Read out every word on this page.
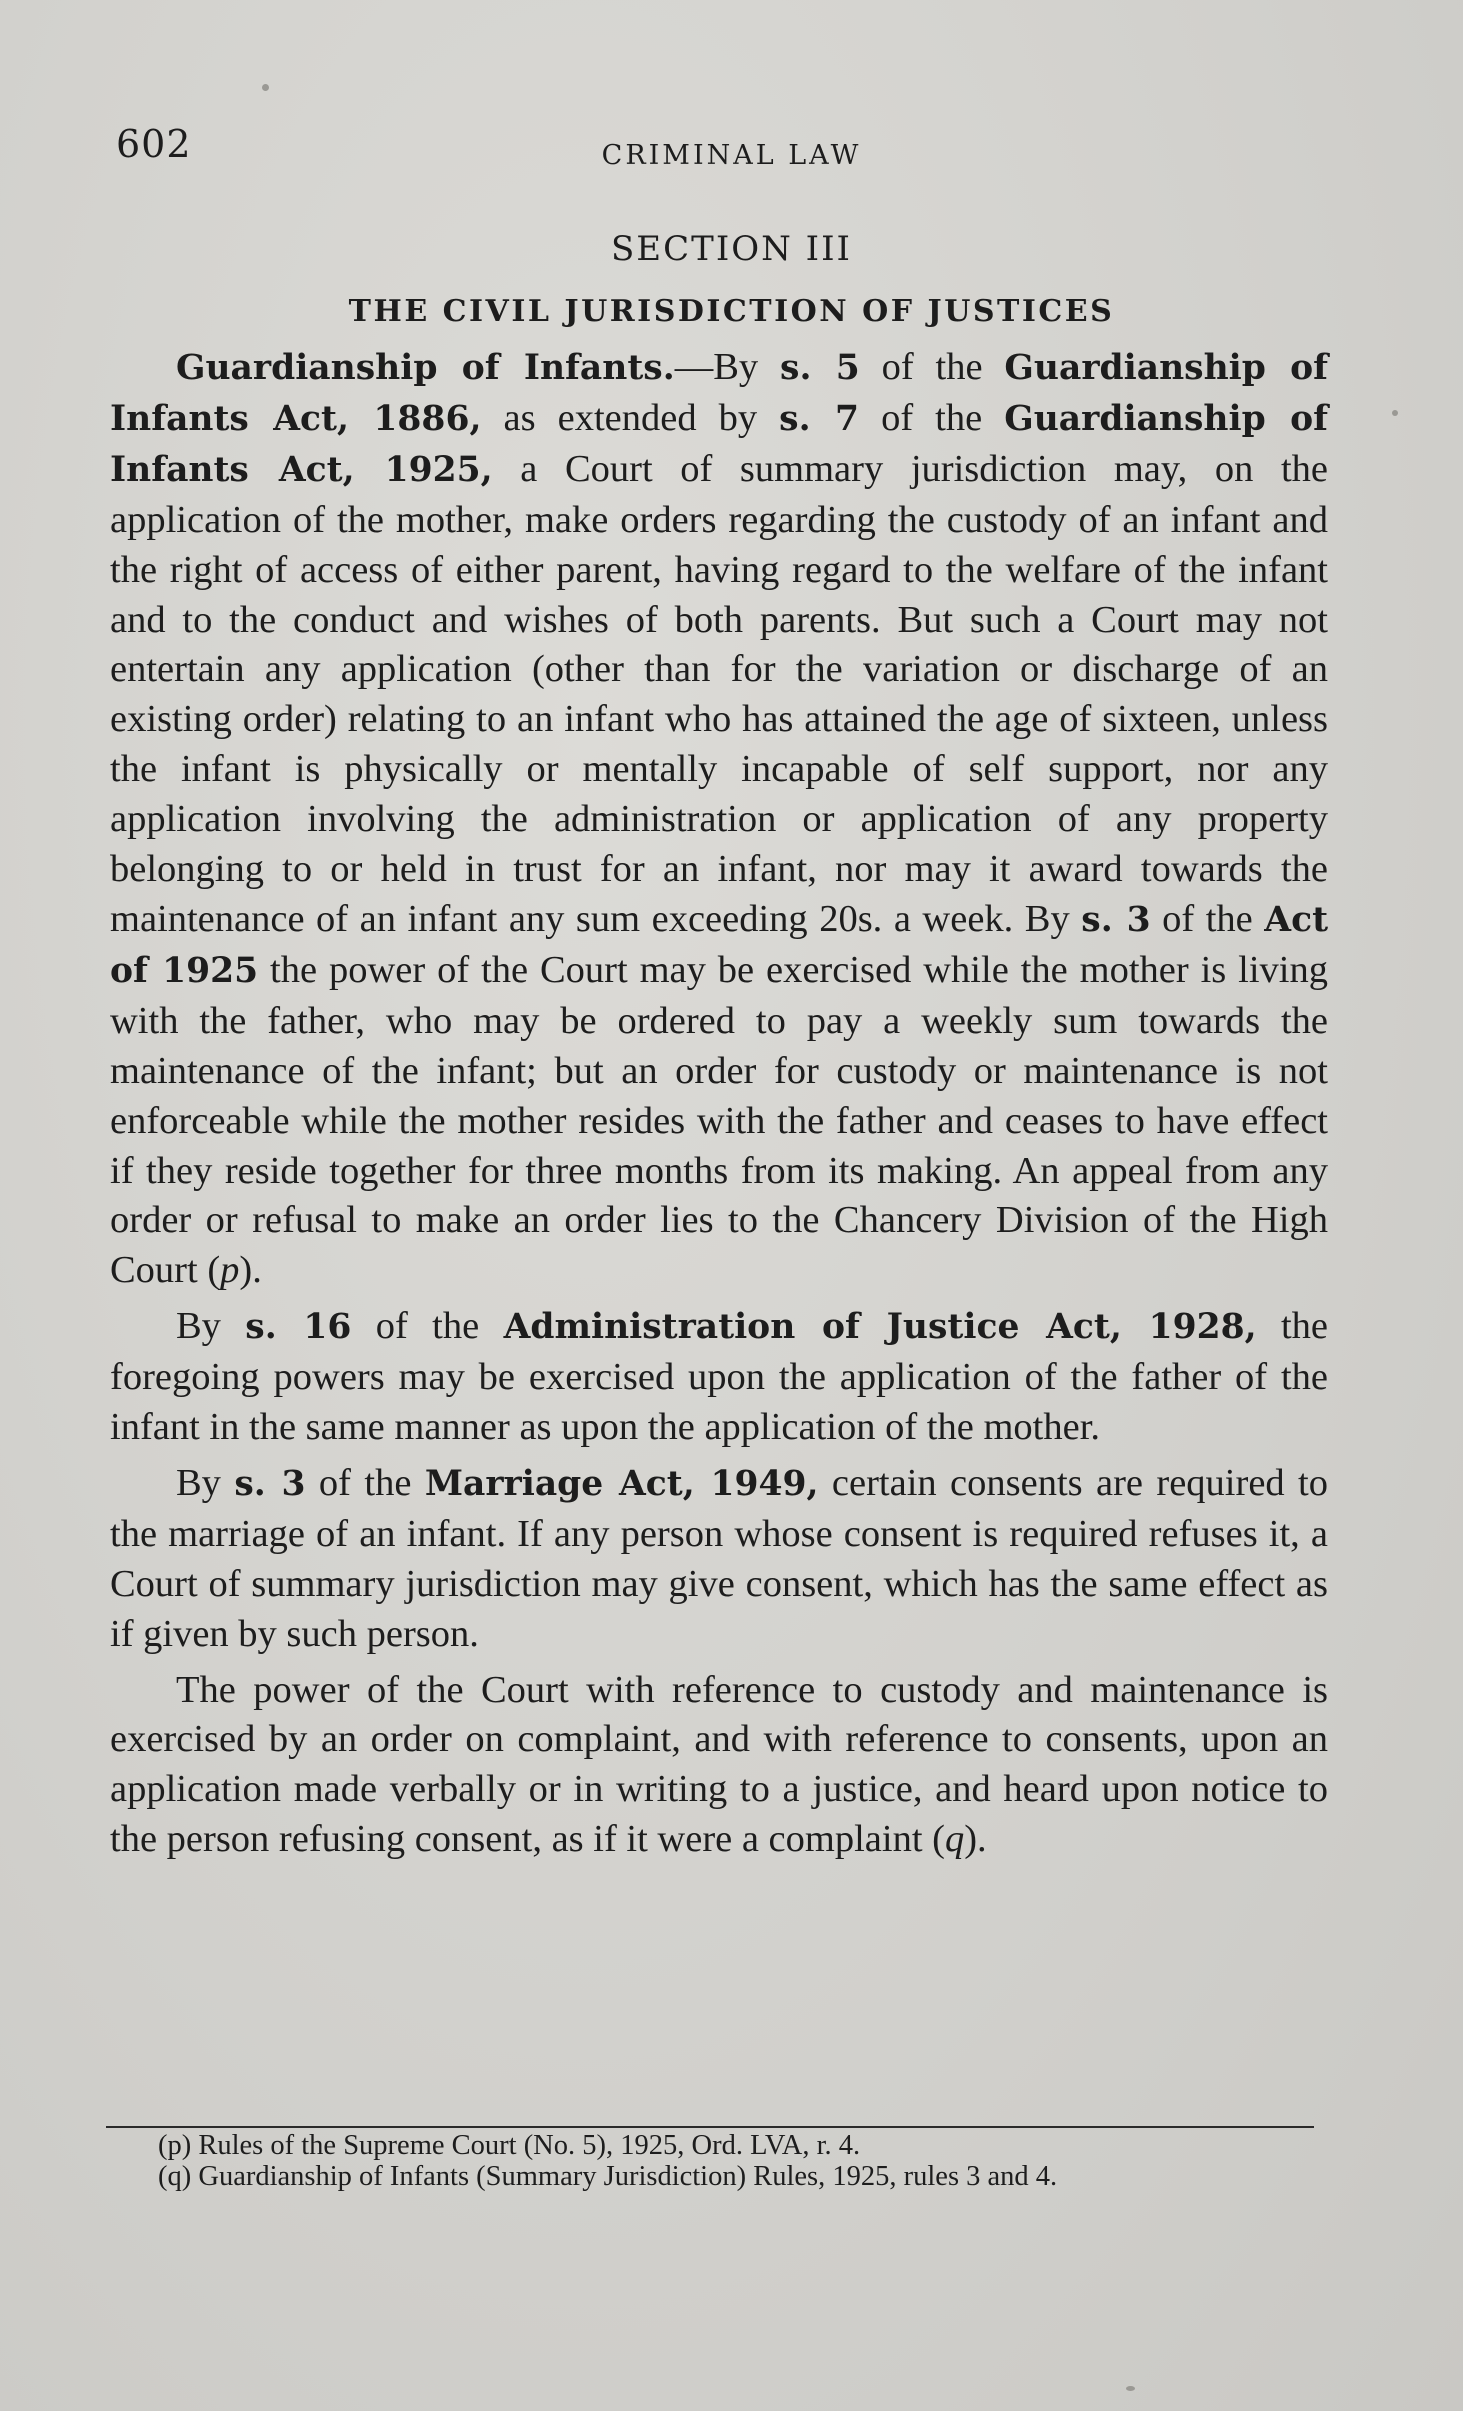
602	CRIMINAL LAW
SECTION III
THE CIVIL JURISDICTION OF JUSTICES

Guardianship of Infants.—By s. 5 of the Guardianship of Infants Act, 1886, as extended by s. 7 of the Guardianship of Infants Act, 1925, a Court of summary jurisdiction may, on the application of the mother, make orders regarding the custody of an infant and the right of access of either parent, having regard to the welfare of the infant and to the conduct and wishes of both parents. But such a Court may not entertain any application (other than for the variation or discharge of an existing order) relating to an infant who has attained the age of sixteen, unless the infant is physically or mentally incapable of self support, nor any application involving the administration or application of any property belonging to or held in trust for an infant, nor may it award towards the maintenance of an infant any sum exceeding 20s. a week. By s. 3 of the Act of 1925 the power of the Court may be exercised while the mother is living with the father, who may be ordered to pay a weekly sum towards the maintenance of the infant; but an order for custody or maintenance is not enforceable while the mother resides with the father and ceases to have effect if they reside together for three months from its making. An appeal from any order or refusal to make an order lies to the Chancery Division of the High Court (p).

By s. 16 of the Administration of Justice Act, 1928, the foregoing powers may be exercised upon the application of the father of the infant in the same manner as upon the application of the mother.

By s. 3 of the Marriage Act, 1949, certain consents are required to the marriage of an infant. If any person whose consent is required refuses it, a Court of summary jurisdiction may give consent, which has the same effect as if given by such person.

The power of the Court with reference to custody and maintenance is exercised by an order on complaint, and with reference to consents, upon an application made verbally or in writing to a justice, and heard upon notice to the person refusing consent, as if it were a complaint (q).

(p) Rules of the Supreme Court (No. 5), 1925, Ord. LVA, r. 4.

(q) Guardianship of Infants (Summary Jurisdiction) Rules, 1925, rules 3 and 4.
